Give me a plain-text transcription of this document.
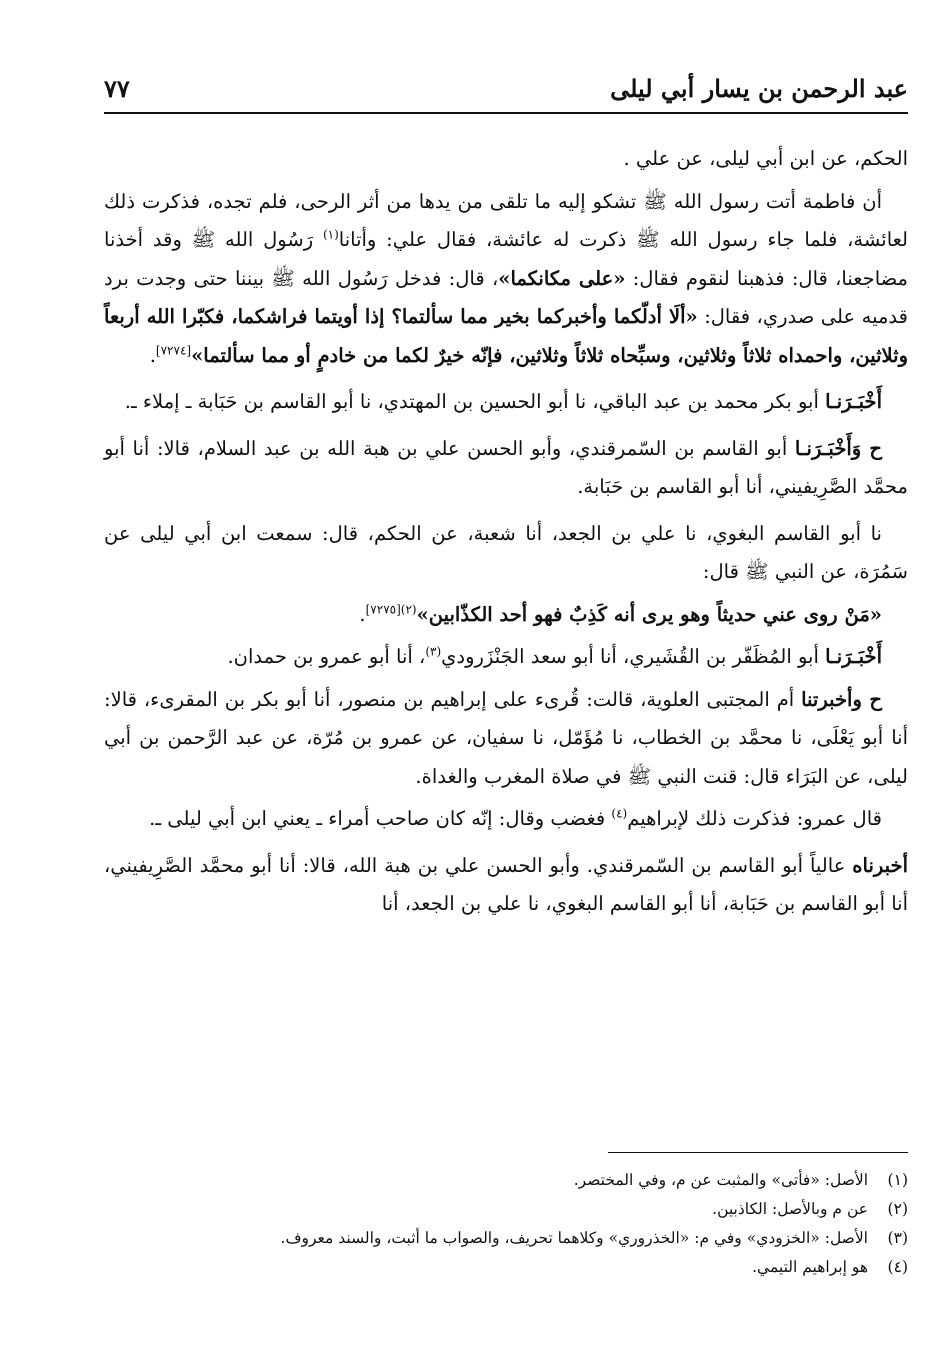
عبد الرحمن بن يسار أبي ليلى
٧٧

الحكم، عن ابن أبي ليلى، عن علي .

أن فاطمة أتت رسول الله ﷺ تشكو إليه ما تلقى من يدها من أثر الرحى، فلم تجده، فذكرت ذلك لعائشة، فلما جاء رسول الله ﷺ ذكرت له عائشة، فقال علي: وأتانا$^{(١)}$ رَسُول الله ﷺ وقد أخذنا مضاجعنا، قال: فذهبنا لنقوم فقال: «على مكانكما»، قال: فدخل رَسُول الله ﷺ بيننا حتى وجدت برد قدميه على صدري، فقال: «ألَا أدلّكما وأخبركما بخير مما سألتما؟ إذا أويتما فراشكما، فكبّرا الله أربعاً وثلاثين، واحمداه ثلاثاً وثلاثين، وسبِّحاه ثلاثاً وثلاثين، فإنّه خيرٌ لكما من خادمٍ أو مما سألتما»[٧٢٧٤].

أَخْبَـرَنـا أبو بكر محمد بن عبد الباقي، نا أبو الحسين بن المهتدي، نا أبو القاسم بن حَبَابة ـ إملاء ـ.

ح وَأَخْبَـرَنـا أبو القاسم بن السّمرقندي، وأبو الحسن علي بن هبة الله بن عبد السلام، قالا: أنا أبو محمَّد الصَّرِيفيني، أنا أبو القاسم بن حَبَابة.

نا أبو القاسم البغوي، نا علي بن الجعد، أنا شعبة، عن الحكم، قال: سمعت ابن أبي ليلى عن سَمُرَة، عن النبي ﷺ قال:

«مَنْ روى عني حديثاً وهو يرى أنه كَذِبٌ فهو أحد الكذّابين»$^{(٢)[٧٢٧٥]}$.

أَخْبَـرَنـا أبو المُظَفّر بن القُشَيري، أنا أبو سعد الجَنْزَرودي$^{(٣)}$، أنا أبو عمرو بن حمدان.

ح وأخبرتنا أم المجتبى العلوية، قالت: قُرىء على إبراهيم بن منصور، أنا أبو بكر بن المقرىء، قالا: أنا أبو يَعْلَى، نا محمَّد بن الخطاب، نا مُؤَمّل، نا سفيان، عن عمرو بن مُرّة، عن عبد الرَّحمن بن أبي ليلى، عن البَرَاء قال: قنت النبي ﷺ في صلاة المغرب والغداة.

قال عمرو: فذكرت ذلك لإبراهيم$^{(٤)}$ فغضب وقال: إنّه كان صاحب أمراء ـ يعني ابن أبي ليلى ـ.

أخبرناه عالياً أبو القاسم بن السّمرقندي. وأبو الحسن علي بن هبة الله، قالا: أنا أبو محمَّد الصَّرِيفيني، أنا أبو القاسم بن حَبَابة، أنا أبو القاسم البغوي، نا علي بن الجعد، أنا

(١)الأصل: «فأتى» والمثبت عن م، وفي المختصر.
(٢)عن م وبالأصل: الكاذبين.
(٣)الأصل: «الخزودي» وفي م: «الخذروري» وكلاهما تحريف، والصواب ما أثبت، والسند معروف.
(٤)هو إبراهيم التيمي.
